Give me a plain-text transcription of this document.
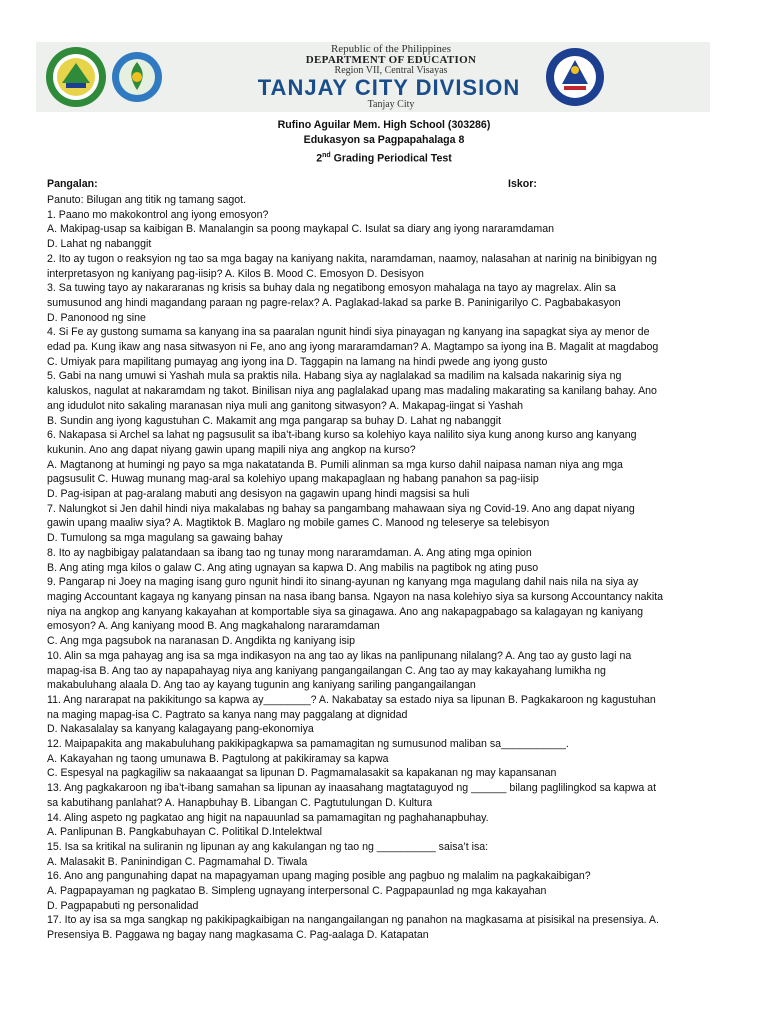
Republic of the Philippines
DEPARTMENT OF EDUCATION
Region VII, Central Visayas
TANJAY CITY DIVISION
Tanjay City
Rufino Aguilar Mem. High School (303286)
Edukasyon sa Pagpapahalaga 8
2nd Grading Periodical Test
Pangalan:	Iskor:
Panuto: Bilugan ang titik ng tamang sagot.
1. Paano mo makokontrol ang iyong emosyon?
A. Makipag-usap sa kaibigan B. Manalangin sa poong maykapal C. Isulat sa diary ang iyong nararamdaman
D. Lahat ng nabanggit
2. Ito ay tugon o reaksyion ng tao sa mga bagay na kaniyang nakita, naramdaman, naamoy, nalasahan at narinig na binibigyan ng
interpretasyon ng kaniyang pag-iisip? A. Kilos B. Mood C. Emosyon D. Desisyon
3. Sa tuwing tayo ay nakararanas ng krisis sa buhay dala ng negatibong emosyon mahalaga na tayo ay magrelax. Alin sa
sumusunod ang hindi magandang paraan ng pagre-relax? A. Paglakad-lakad sa parke B. Paninigarilyo C. Pagbabakasyon
D. Panonood ng sine
4. Si Fe ay gustong sumama sa kanyang ina sa paaralan ngunit hindi siya pinayagan ng kanyang ina sapagkat siya ay menor de
edad pa. Kung ikaw ang nasa sitwasyon ni Fe, ano ang iyong mararamdaman? A. Magtampo sa iyong ina B. Magalit at magdabog
C. Umiyak para mapilitang pumayag ang iyong ina D. Taggapin na lamang na hindi pwede ang iyong gusto
5. Gabi na nang umuwi si Yashah mula sa praktis nila. Habang siya ay naglalakad sa madilim na kalsada nakarinig siya ng
kaluskos, nagulat at nakaramdam ng takot. Binilisan niya ang paglalakad upang mas madaling makarating sa kanilang bahay. Ano
ang idudulot nito sakaling maranasan niya muli ang ganitong sitwasyon? A. Makapag-iingat si Yashah
B. Sundin ang iyong kagustuhan C. Makamit ang mga pangarap sa buhay D. Lahat ng nabanggit
6. Nakapasa si Archel sa lahat ng pagsusulit sa iba’t-ibang kurso sa kolehiyo kaya nalilito siya kung anong kurso ang kanyang
kukunin. Ano ang dapat niyang gawin upang mapili niya ang angkop na kurso?
A. Magtanong at humingi ng payo sa mga nakatatanda B. Pumili alinman sa mga kurso dahil naipasa naman niya ang mga
pagsusulit C. Huwag munang mag-aral sa kolehiyo upang makapaglaan ng habang panahon sa pag-iisip
D. Pag-isipan at pag-aralang mabuti ang desisyon na gagawin upang hindi magsisi sa huli
7. Nalungkot si Jen dahil hindi niya makalabas ng bahay sa pangambang mahawaan siya ng Covid-19. Ano ang dapat niyang
gawin upang maaliw siya? A. Magtiktok B. Maglaro ng mobile games C. Manood ng teleserye sa telebisyon
D. Tumulong sa mga magulang sa gawaing bahay
8. Ito ay nagbibigay palatandaan sa ibang tao ng tunay mong nararamdaman. A. Ang ating mga opinion
B. Ang ating mga kilos o galaw C. Ang ating ugnayan sa kapwa D. Ang mabilis na pagtibok ng ating puso
9. Pangarap ni Joey na maging isang guro ngunit hindi ito sinang-ayunan ng kanyang mga magulang dahil nais nila na siya ay
maging Accountant kagaya ng kanyang pinsan na nasa ibang bansa. Ngayon na nasa kolehiyo siya sa kursong Accountancy nakita
niya na angkop ang kanyang kakayahan at komportable siya sa ginagawa. Ano ang nakapagpabago sa kalagayan ng kaniyang
emosyon? A. Ang kaniyang mood B. Ang magkahalong nararamdaman
C. Ang mga pagsubok na naranasan D. Angdikta ng kaniyang isip
10. Alin sa mga pahayag ang isa sa mga indikasyon na ang tao ay likas na panlipunang nilalang? A. Ang tao ay gusto lagi na
mapag-isa B. Ang tao ay napapahayag niya ang kaniyang pangangailangan C. Ang tao ay may kakayahang lumikha ng
makabuluhang alaala D. Ang tao ay kayang tugunin ang kaniyang sariling pangangailangan
11. Ang nararapat na pakikitungo sa kapwa ay________? A. Nakabatay sa estado niya sa lipunan B. Pagkakaroon ng kagustuhan
na maging mapag-isa C. Pagtrato sa kanya nang may paggalang at dignidad
D. Nakasalalay sa kanyang kalagayang pang-ekonomiya
12. Maipapakita ang makabuluhang pakikipagkapwa sa pamamagitan ng sumusunod maliban sa___________.
A. Kakayahan ng taong umunawa B. Pagtulong at pakikiramay sa kapwa
C. Espesyal na pagkagiliw sa nakaaangat sa lipunan D. Pagmamalasakit sa kapakanan ng may kapansanan
13. Ang pagkakaroon ng iba’t-ibang samahan sa lipunan ay inaasahang magtataguyod ng ______ bilang paglilingkod sa kapwa at
sa kabutihang panlahat? A. Hanapbuhay B. Libangan C. Pagtutulungan D. Kultura
14. Aling aspeto ng pagkatao ang higit na napauunlad sa pamamagitan ng paghahanapbuhay.
A. Panlipunan B. Pangkabuhayan C. Politikal D.Intelektwal
15. Isa sa kritikal na suliranin ng lipunan ay ang kakulangan ng tao ng __________ saisa’t isa:
A. Malasakit B. Paninindigan C. Pagmamahal D. Tiwala
16. Ano ang pangunahing dapat na mapagyaman upang maging posible ang pagbuo ng malalim na pagkakaibigan?
A. Pagpapayaman ng pagkatao B. Simpleng ugnayang interpersonal C. Pagpapaunlad ng mga kakayahan
D. Pagpapabuti ng personalidad
17. Ito ay isa sa mga sangkap ng pakikipagkaibigan na nangangailangan ng panahon na magkasama at pisisikal na presensiya. A.
Presensiya B. Paggawa ng bagay nang magkasama C. Pag-aalaga D. Katapatan
